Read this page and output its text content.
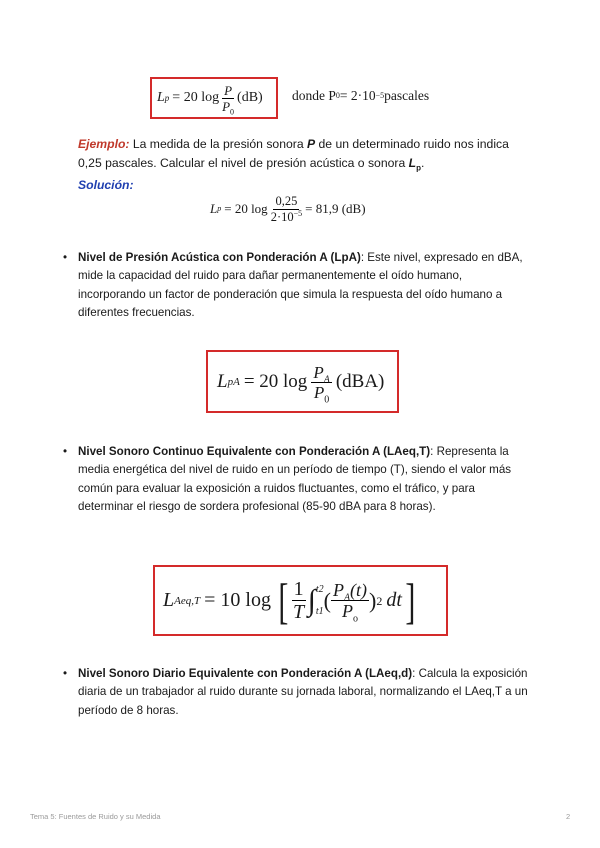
L p = 20 $\log \frac{P}{P_0} (dB)$ donde P 0 = 2·10 −5 pascales
Ejemplo: La medida de la presión sonora P de un determinado ruido nos indica
0,25 pascales. Calcular el nivel de presión acústica o sonora $L_p$.
Solución:
L p = 20 $\log \frac{0,25}{2\cdot 10^{-5}} = 81,9$ (dB)
• Nivel de Presión Acústica con Ponderación A (LpA): Este nivel, expresado en dBA, mide la capacidad del ruido para dañar permanentemente el oído humano, incorporando un factor de ponderación que simula la respuesta del oído humano a diferentes frecuencias.
L pA = 20 $\log \frac{P_A}{P_0} (dBA)$
• Nivel Sonoro Continuo Equivalente con Ponderación A (LAeq,T): Representa la media energética del nivel de ruido en un período de tiempo (T), siendo el valor más común para evaluar la exposición a ruidos fluctuantes, como el tráfico, y para determinar el riesgo de sordera profesional (85-90 dBA para 8 horas).
L Aeq,T = 10 log [ $\frac{1}{T}$ ∫ t2
t1 ( $\frac{P_A(t)}{P_o}$ ) 2 dt ]
• Nivel Sonoro Diario Equivalente con Ponderación A (LAeq,d): Calcula la exposición diaria de un trabajador al ruido durante su jornada laboral, normalizando el LAeq,T a un período de 8 horas.
Tema 5: Fuentes de Ruido y su Medida	2
